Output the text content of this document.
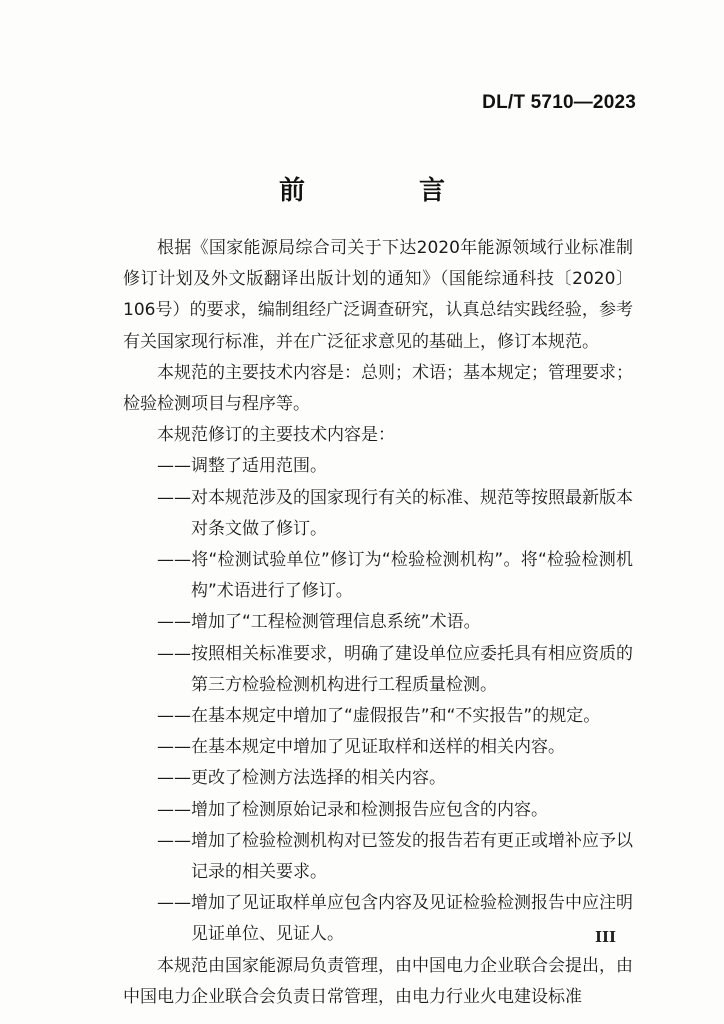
DL/T 5710—2023
前　言

根据《国家能源局综合司关于下达2020年能源领域行业标准制修订计划及外文版翻译出版计划的通知》（国能综通科技〔2020〕106号）的要求，编制组经广泛调查研究，认真总结实践经验，参考有关国家现行标准，并在广泛征求意见的基础上，修订本规范。

本规范的主要技术内容是：总则；术语；基本规定；管理要求；检验检测项目与程序等。

本规范修订的主要技术内容是：

——调整了适用范围。

——对本规范涉及的国家现行有关的标准、规范等按照最新版本对条文做了修订。

——将“检测试验单位”修订为“检验检测机构”。将“检验检测机构”术语进行了修订。

——增加了“工程检测管理信息系统”术语。

——按照相关标准要求，明确了建设单位应委托具有相应资质的第三方检验检测机构进行工程质量检测。

——在基本规定中增加了“虚假报告”和“不实报告”的规定。

——在基本规定中增加了见证取样和送样的相关内容。

——更改了检测方法选择的相关内容。

——增加了检测原始记录和检测报告应包含的内容。

——增加了检验检测机构对已签发的报告若有更正或增补应予以记录的相关要求。

——增加了见证取样单应包含内容及见证检验检测报告中应注明见证单位、见证人。

本规范由国家能源局负责管理，由中国电力企业联合会提出，由中国电力企业联合会负责日常管理，由电力行业火电建设标准

III
